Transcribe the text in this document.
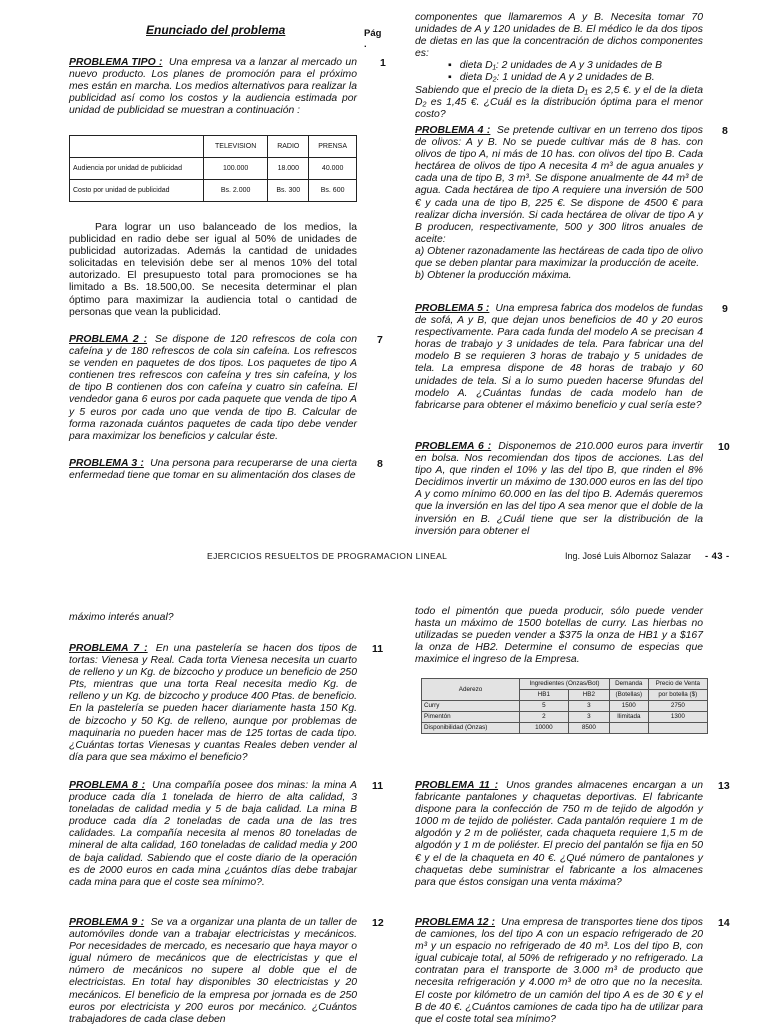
Enunciado del problema	Pág
.
PROBLEMA TIPO : Una empresa va a lanzar al mercado un nuevo producto. Los planes de promoción para el próximo mes están en marcha. Los medios alternativos para realizar la publicidad así como los costos y la audiencia estimada por unidad de publicidad se muestran a continuación :
1
	TELEVISION	RADIO	PRENSA
Audiencia por unidad de publicidad	100.000	18.000	40.000
Costo por unidad de publicidad	Bs. 2.000	Bs. 300	Bs. 600
Para lograr un uso balanceado de los medios, la publicidad en radio debe ser igual al 50% de unidades de publicidad autorizadas. Además la cantidad de unidades solicitadas en televisión debe ser al menos 10% del total autorizado. El presupuesto total para promociones se ha limitado a Bs. 18.500,00. Se necesita determinar el plan óptimo para maximizar la audiencia total o cantidad de personas que vean la publicidad.
PROBLEMA 2 : Se dispone de 120 refrescos de cola con cafeína y de 180 refrescos de cola sin cafeína. Los refrescos se venden en paquetes de dos tipos. Los paquetes de tipo A contienen tres refrescos con cafeína y tres sin cafeína, y los de tipo B contienen dos con cafeína y cuatro sin cafeína. El vendedor gana 6 euros por cada paquete que venda de tipo A y 5 euros por cada uno que venda de tipo B. Calcular de forma razonada cuántos paquetes de cada tipo debe vender para maximizar los beneficios y calcular éste.
7
PROBLEMA 3 : Una persona para recuperarse de una cierta enfermedad tiene que tomar en su alimentación dos clases de
8
componentes que llamaremos A y B. Necesita tomar 70 unidades de A y 120 unidades de B. El médico le da dos tipos de dietas en las que la concentración de dichos componentes es:
▪ dieta D₁: 2 unidades de A y 3 unidades de B
▪ dieta D₂: 1 unidad de A y 2 unidades de B.
Sabiendo que el precio de la dieta D₁ es 2,5 €. y el de la dieta D₂ es 1,45 €. ¿Cuál es la distribución óptima para el menor costo?
PROBLEMA 4 : Se pretende cultivar en un terreno dos tipos de olivos: A y B. No se puede cultivar más de 8 has. con olivos de tipo A, ni más de 10 has. con olivos del tipo B. Cada hectárea de olivos de tipo A necesita 4 m³ de agua anuales y cada una de tipo B, 3 m³. Se dispone anualmente de 44 m³ de agua. Cada hectárea de tipo A requiere una inversión de 500 € y cada una de tipo B, 225 €. Se dispone de 4500 € para realizar dicha inversión. Si cada hectárea de olivar de tipo A y B producen, respectivamente, 500 y 300 litros anuales de aceite:
a) Obtener razonadamente las hectáreas de cada tipo de olivo que se deben plantar para maximizar la producción de aceite.
b) Obtener la producción máxima.
8
PROBLEMA 5 : Una empresa fabrica dos modelos de fundas de sofá, A y B, que dejan unos beneficios de 40 y 20 euros respectivamente. Para cada funda del modelo A se precisan 4 horas de trabajo y 3 unidades de tela. Para fabricar una del modelo B se requieren 3 horas de trabajo y 5 unidades de tela. La empresa dispone de 48 horas de trabajo y 60 unidades de tela. Si a lo sumo pueden hacerse 9fundas del modelo A. ¿Cuántas fundas de cada modelo han de fabricarse para obtener el máximo beneficio y cual sería este?
9
PROBLEMA 6 : Disponemos de 210.000 euros para invertir en bolsa. Nos recomiendan dos tipos de acciones. Las del tipo A, que rinden el 10% y las del tipo B, que rinden el 8% Decidimos invertir un máximo de 130.000 euros en las del tipo A y como mínimo 60.000 en las del tipo B. Además queremos que la inversión en las del tipo A sea menor que el doble de la inversión en B. ¿Cuál tiene que ser la distribución de la inversión para obtener el
10
EJERCICIOS RESUELTOS DE PROGRAMACION LINEAL	Ing. José Luis Albornoz Salazar - 43 -
máximo interés anual?
PROBLEMA 7 : En una pastelería se hacen dos tipos de tortas: Vienesa y Real. Cada torta Vienesa necesita un cuarto de relleno y un Kg. de bizcocho y produce un beneficio de 250 Pts, mientras que una torta Real necesita medio Kg. de relleno y un Kg. de bizcocho y produce 400 Ptas. de beneficio. En la pastelería se pueden hacer diariamente hasta 150 Kg. de bizcocho y 50 Kg. de relleno, aunque por problemas de maquinaria no pueden hacer mas de 125 tortas de cada tipo. ¿Cuántas tortas Vienesas y cuantas Reales deben vender al día para que sea máximo el beneficio?
11
PROBLEMA 8 : Una compañía posee dos minas: la mina A produce cada día 1 tonelada de hierro de alta calidad, 3 toneladas de calidad media y 5 de baja calidad. La mina B produce cada día 2 toneladas de cada una de las tres calidades. La compañía necesita al menos 80 toneladas de mineral de alta calidad, 160 toneladas de calidad media y 200 de baja calidad. Sabiendo que el coste diario de la operación es de 2000 euros en cada mina ¿cuántos días debe trabajar cada mina para que el coste sea mínimo?.
11
PROBLEMA 9 : Se va a organizar una planta de un taller de automóviles donde van a trabajar electricistas y mecánicos. Por necesidades de mercado, es necesario que haya mayor o igual número de mecánicos que de electricistas y que el número de mecánicos no supere al doble que el de electricistas. En total hay disponibles 30 electricistas y 20 mecánicos. El beneficio de la empresa por jornada es de 250 euros por electricista y 200 euros por mecánico. ¿Cuántos trabajadores de cada clase deben
12
todo el pimentón que pueda producir, sólo puede vender hasta un máximo de 1500 botellas de curry. Las hierbas no utilizadas se pueden vender a $375 la onza de HB1 y a $167 la onza de HB2. Determine el consumo de especias que maximice el ingreso de la Empresa.
Aderezo	Ingredientes (Onzas/Bot)		Demanda	Precio de Venta
	HB1	HB2	(Botellas)	por botella ($)
Curry	5	3	1500	2750
Pimentón	2	3	Ilimitada	1300
Disponibilidad (Onzas)	10000	8500		
PROBLEMA 11 : Unos grandes almacenes encargan a un fabricante pantalones y chaquetas deportivas. El fabricante dispone para la confección de 750 m de tejido de algodón y 1000 m de tejido de poliéster. Cada pantalón requiere 1 m de algodón y 2 m de poliéster, cada chaqueta requiere 1,5 m de algodón y 1 m de poliéster. El precio del pantalón se fija en 50 € y el de la chaqueta en 40 €. ¿Qué número de pantalones y chaquetas debe suministrar el fabricante a los almacenes para que éstos consigan una venta máxima?
13
PROBLEMA 12 : Una empresa de transportes tiene dos tipos de camiones, los del tipo A con un espacio refrigerado de 20 m³ y un espacio no refrigerado de 40 m³. Los del tipo B, con igual cubicaje total, al 50% de refrigerado y no refrigerado. La contratan para el transporte de 3.000 m³ de producto que necesita refrigeración y 4.000 m³ de otro que no la necesita. El coste por kilómetro de un camión del tipo A es de 30 € y el B de 40 €. ¿Cuántos camiones de cada tipo ha de utilizar para que el coste total sea mínimo?
14
